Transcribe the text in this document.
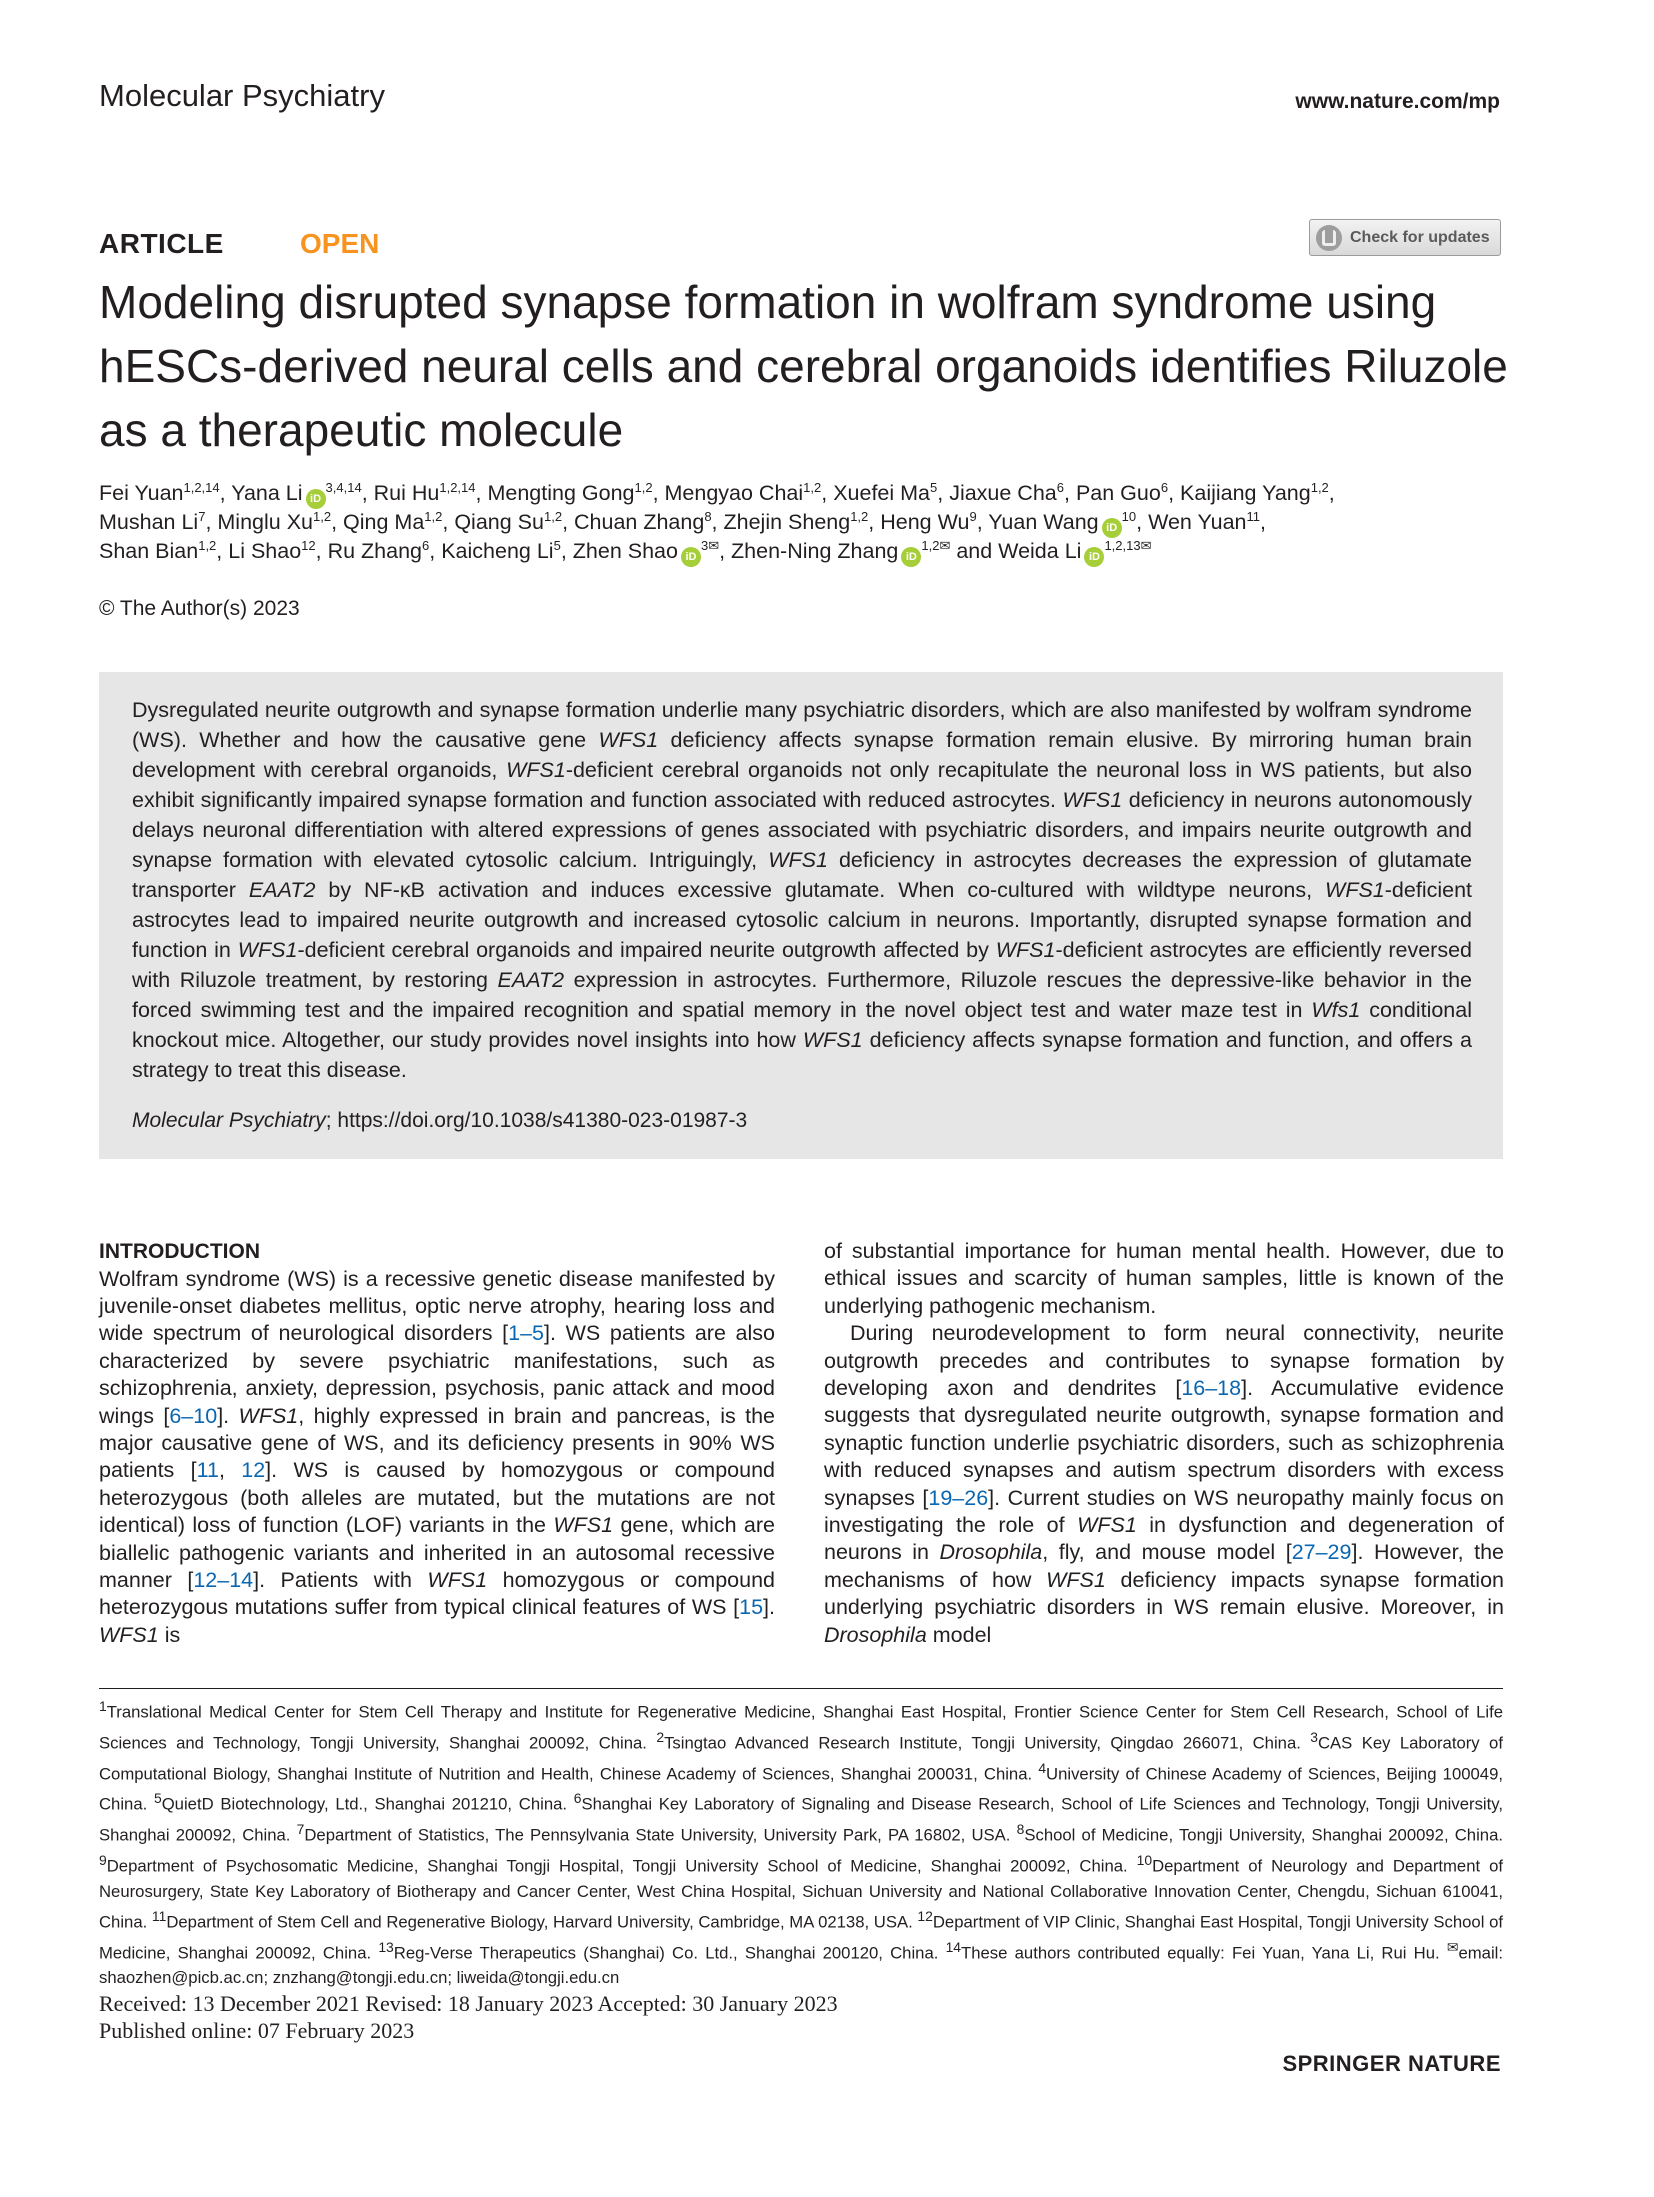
Molecular Psychiatry	www.nature.com/mp
ARTICLE	OPEN	Check for updates
Modeling disrupted synapse formation in wolfram syndrome using hESCs-derived neural cells and cerebral organoids identifies Riluzole as a therapeutic molecule
Fei Yuan$^{1,2,14}$, Yana Li iD$^{3,4,14}$, Rui Hu$^{1,2,14}$, Mengting Gong$^{1,2}$, Mengyao Chai$^{1,2}$, Xuefei Ma$^5$, Jiaxue Cha$^6$, Pan Guo$^6$, Kaijiang Yang$^{1,2}$,
Mushan Li$^7$, Minglu Xu$^{1,2}$, Qing Ma$^{1,2}$, Qiang Su$^{1,2}$, Chuan Zhang$^8$, Zhejin Sheng$^{1,2}$, Heng Wu$^9$, Yuan Wang $iD^{10}$, Wen Yuan$^{11}$,
Shan Bian$^{1,2}$, Li Shao$^{12}$, Ru Zhang$^6$, Kaicheng Li$^5$, Zhen Shao $iD^{3✉}$, Zhen-Ning Zhang $iD^{1,2✉}$ and Weida Li $iD^{1,2,13✉}$
© The Author(s) 2023

Dysregulated neurite outgrowth and synapse formation underlie many psychiatric disorders, which are also manifested by wolfram syndrome (WS). Whether and how the causative gene WFS1 deficiency affects synapse formation remain elusive. By mirroring human brain development with cerebral organoids, WFS1-deficient cerebral organoids not only recapitulate the neuronal loss in WS patients, but also exhibit significantly impaired synapse formation and function associated with reduced astrocytes. WFS1 deficiency in neurons autonomously delays neuronal differentiation with altered expressions of genes associated with psychiatric disorders, and impairs neurite outgrowth and synapse formation with elevated cytosolic calcium. Intriguingly, WFS1 deficiency in astrocytes decreases the expression of glutamate transporter EAAT2 by NF-κB activation and induces excessive glutamate. When co-cultured with wildtype neurons, WFS1-deficient astrocytes lead to impaired neurite outgrowth and increased cytosolic calcium in neurons. Importantly, disrupted synapse formation and function in WFS1-deficient cerebral organoids and impaired neurite outgrowth affected by WFS1-deficient astrocytes are efficiently reversed with Riluzole treatment, by restoring EAAT2 expression in astrocytes. Furthermore, Riluzole rescues the depressive-like behavior in the forced swimming test and the impaired recognition and spatial memory in the novel object test and water maze test in Wfs1 conditional knockout mice. Altogether, our study provides novel insights into how WFS1 deficiency affects synapse formation and function, and offers a strategy to treat this disease.

Molecular Psychiatry; https://doi.org/10.1038/s41380-023-01987-3
INTRODUCTION

Wolfram syndrome (WS) is a recessive genetic disease manifested by juvenile-onset diabetes mellitus, optic nerve atrophy, hearing loss and wide spectrum of neurological disorders [1–5]. WS patients are also characterized by severe psychiatric manifestations, such as schizophrenia, anxiety, depression, psychosis, panic attack and mood wings [6–10]. WFS1, highly expressed in brain and pancreas, is the major causative gene of WS, and its deficiency presents in 90% WS patients [11, 12]. WS is caused by homozygous or compound heterozygous (both alleles are mutated, but the mutations are not identical) loss of function (LOF) variants in the WFS1 gene, which are biallelic pathogenic variants and inherited in an autosomal recessive manner [12–14]. Patients with WFS1 homozygous or compound heterozygous mutations suffer from typical clinical features of WS [15]. WFS1 is

of substantial importance for human mental health. However, due to ethical issues and scarcity of human samples, little is known of the underlying pathogenic mechanism.

During neurodevelopment to form neural connectivity, neurite outgrowth precedes and contributes to synapse formation by developing axon and dendrites [16–18]. Accumulative evidence suggests that dysregulated neurite outgrowth, synapse formation and synaptic function underlie psychiatric disorders, such as schizophrenia with reduced synapses and autism spectrum disorders with excess synapses [19–26]. Current studies on WS neuropathy mainly focus on investigating the role of WFS1 in dysfunction and degeneration of neurons in Drosophila, fly, and mouse model [27–29]. However, the mechanisms of how WFS1 deficiency impacts synapse formation underlying psychiatric disorders in WS remain elusive. Moreover, in Drosophila model

$^1$Translational Medical Center for Stem Cell Therapy and Institute for Regenerative Medicine, Shanghai East Hospital, Frontier Science Center for Stem Cell Research, School of Life Sciences and Technology, Tongji University, Shanghai 200092, China. $^2$Tsingtao Advanced Research Institute, Tongji University, Qingdao 266071, China. $^3$CAS Key Laboratory of Computational Biology, Shanghai Institute of Nutrition and Health, Chinese Academy of Sciences, Shanghai 200031, China. $^4$University of Chinese Academy of Sciences, Beijing 100049, China. $^5$QuietD Biotechnology, Ltd., Shanghai 201210, China. $^6$Shanghai Key Laboratory of Signaling and Disease Research, School of Life Sciences and Technology, Tongji University, Shanghai 200092, China. $^7$Department of Statistics, The Pennsylvania State University, University Park, PA 16802, USA. $^8$School of Medicine, Tongji University, Shanghai 200092, China. $^9$Department of Psychosomatic Medicine, Shanghai Tongji Hospital, Tongji University School of Medicine, Shanghai 200092, China. $^{10}$Department of Neurology and Department of Neurosurgery, State Key Laboratory of Biotherapy and Cancer Center, West China Hospital, Sichuan University and National Collaborative Innovation Center, Chengdu, Sichuan 610041, China. $^{11}$Department of Stem Cell and Regenerative Biology, Harvard University, Cambridge, MA 02138, USA. $^{12}$Department of VIP Clinic, Shanghai East Hospital, Tongji University School of Medicine, Shanghai 200092, China. $^{13}$Reg-Verse Therapeutics (Shanghai) Co. Ltd., Shanghai 200120, China. $^{14}$These authors contributed equally: Fei Yuan, Yana Li, Rui Hu. ✉email: shaozhen@picb.ac.cn; znzhang@tongji.edu.cn; liweida@tongji.edu.cn

Received: 13 December 2021 Revised: 18 January 2023 Accepted: 30 January 2023
Published online: 07 February 2023
SPRINGER NATURE
